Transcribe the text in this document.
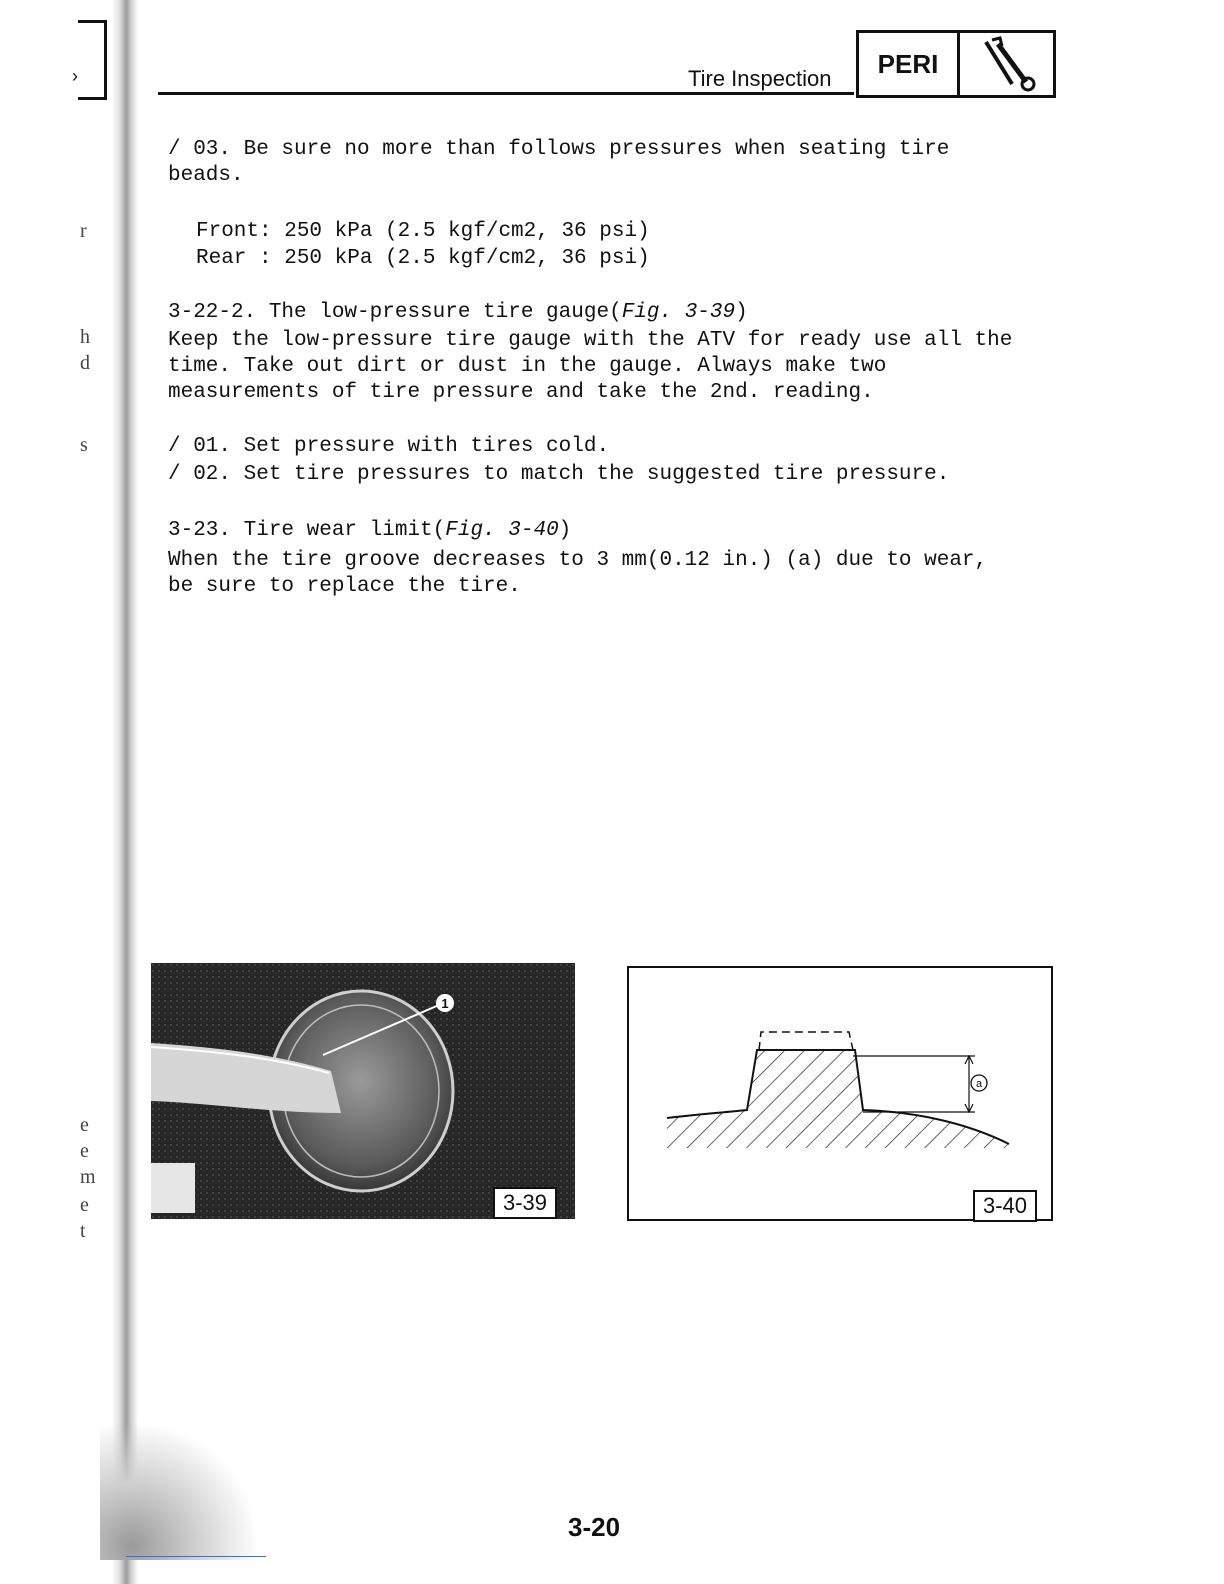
›
r
h
d
s
e
e
m
e
t
Tire Inspection	PERI
/ 03. Be sure no more than follows pressures when seating tire
beads.
Front: 250 kPa (2.5 kgf/cm2, 36 psi)
Rear : 250 kPa (2.5 kgf/cm2, 36 psi)
3-22-2. The low-pressure tire gauge(Fig. 3-39)
Keep the low-pressure tire gauge with the ATV for ready use all the
time. Take out dirt or dust in the gauge. Always make two
measurements of tire pressure and take the 2nd. reading.
/ 01. Set pressure with tires cold.
/ 02. Set tire pressures to match the suggested tire pressure.
3-23. Tire wear limit(Fig. 3-40)
When the tire groove decreases to 3 mm(0.12 in.) (a) due to wear,
be sure to replace the tire.
1
3-39
a
3-40
3-20
